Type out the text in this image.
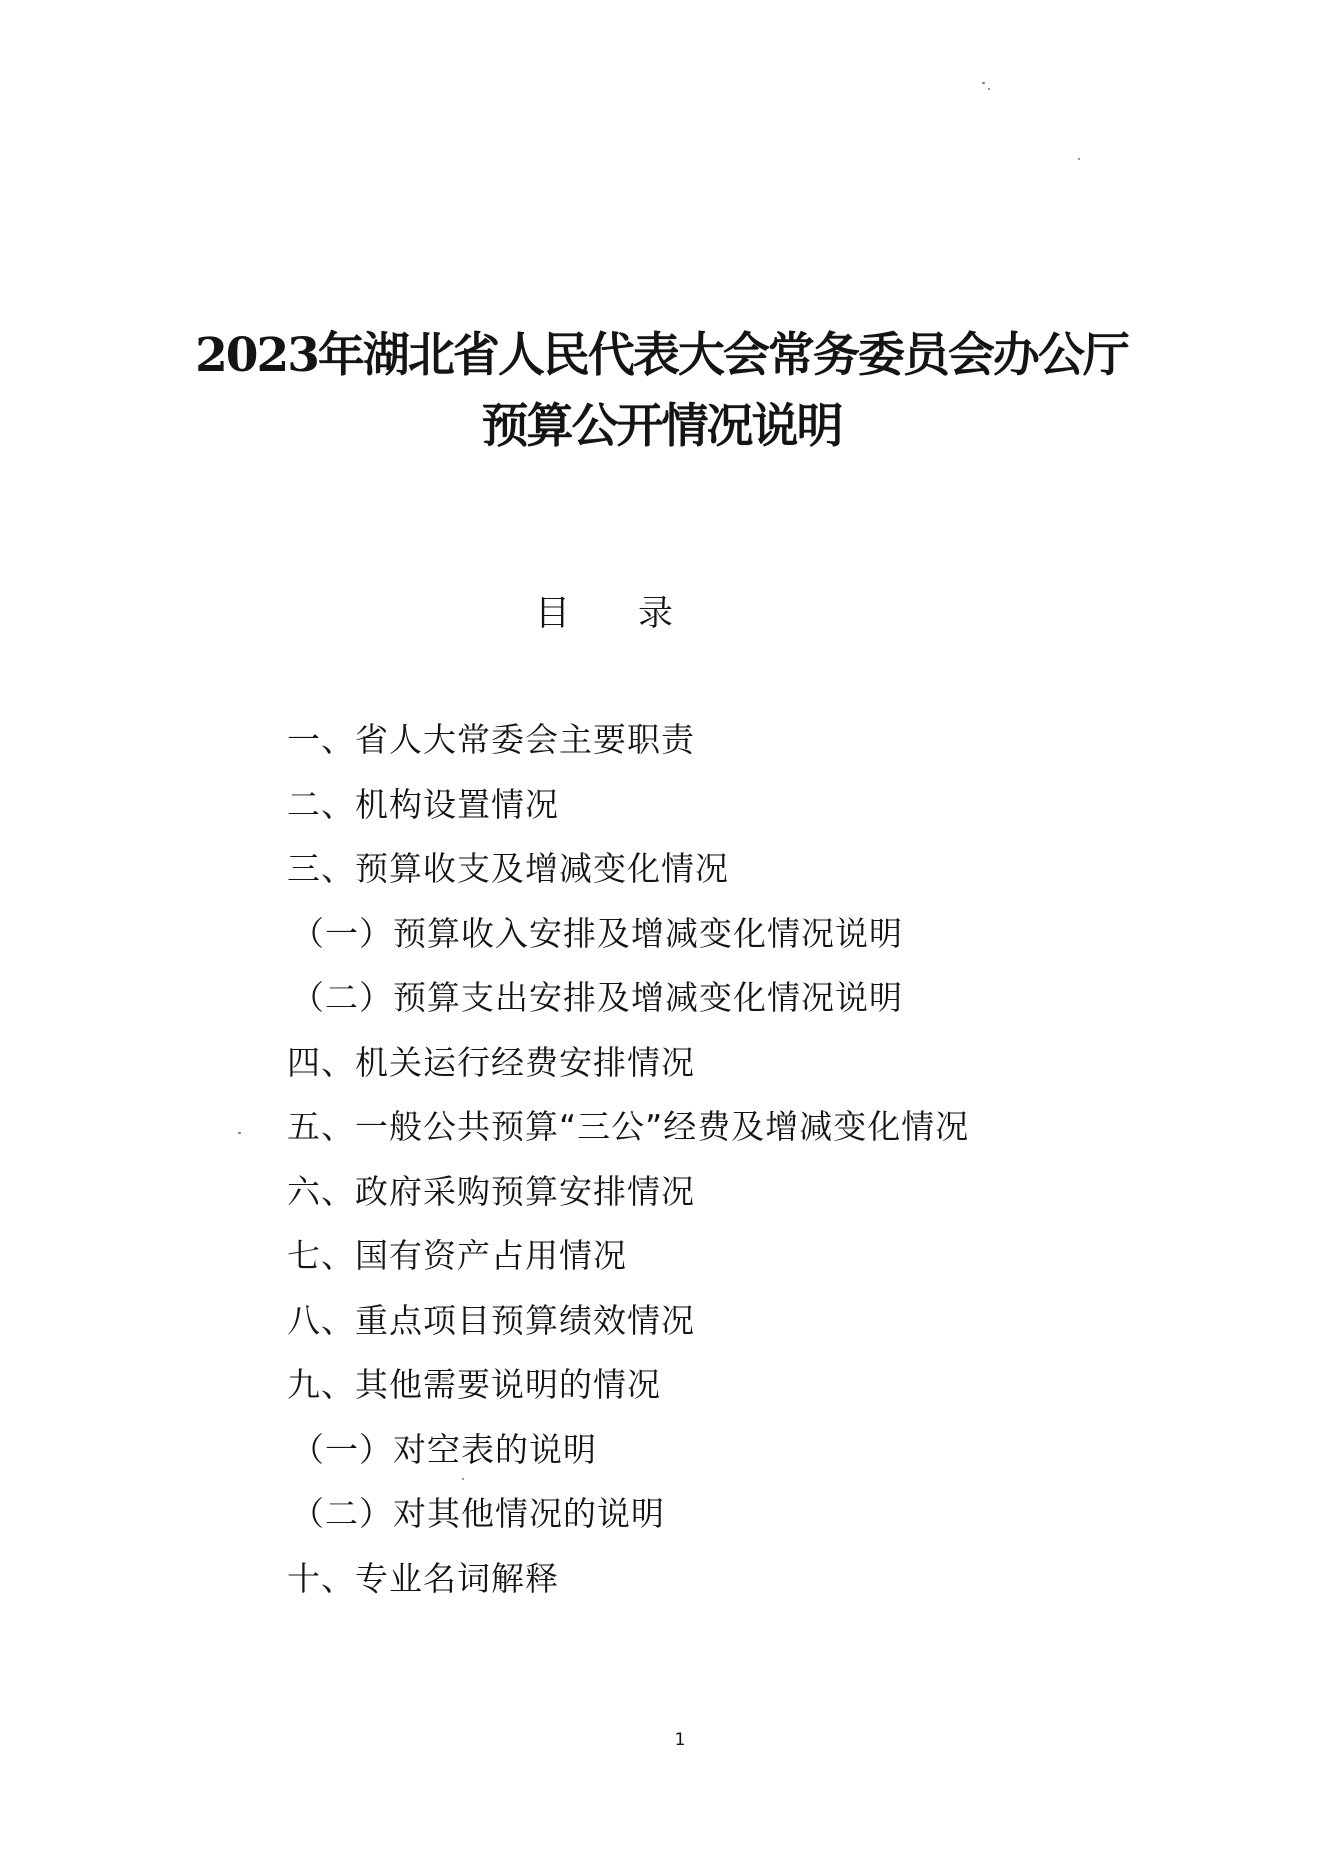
2023年湖北省人民代表大会常务委员会办公厅
预算公开情况说明
目 录
一、省人大常委会主要职责
二、机构设置情况
三、预算收支及增减变化情况
（一）预算收入安排及增减变化情况说明
（二）预算支出安排及增减变化情况说明
四、机关运行经费安排情况
五、一般公共预算“三公”经费及增减变化情况
六、政府采购预算安排情况
七、国有资产占用情况
八、重点项目预算绩效情况
九、其他需要说明的情况
（一）对空表的说明
（二）对其他情况的说明
十、专业名词解释
1
